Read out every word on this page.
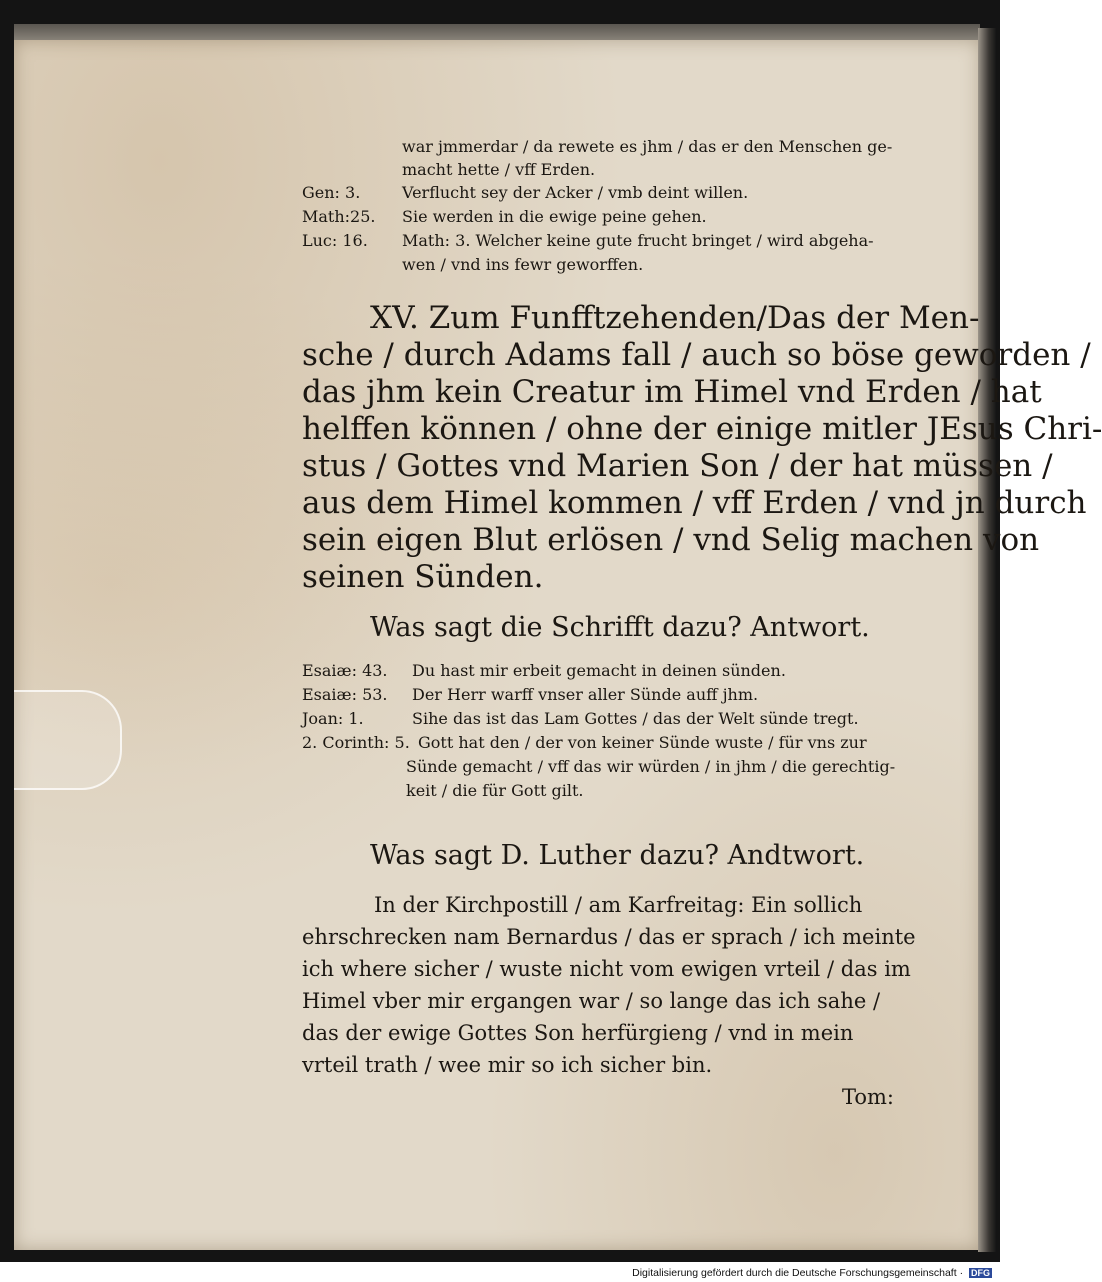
war jmmerdar / da rewete es jhm / das er den Menschen ge-
macht hette / vff Erden.
Gen: 3.	Verflucht sey der Acker / vmb deint willen.
Math:25. Sie werden in die ewige peine gehen.
Luc: 16. Math: 3. Welcher keine gute frucht bringet / wird abgeha-
wen / vnd ins fewr geworffen.
XV. Zum Funfftzehenden/Das der Men-
sche / durch Adams fall / auch so böse geworden /
das jhm kein Creatur im Himel vnd Erden / hat
helffen können / ohne der einige mitler JEsus Chri-
stus / Gottes vnd Marien Son / der hat müssen /
aus dem Himel kommen / vff Erden / vnd jn durch
sein eigen Blut erlösen / vnd Selig machen von
seinen Sünden.
Was sagt die Schrifft dazu? Antwort.
Esaiæ: 43. Du hast mir erbeit gemacht in deinen sünden.
Esaiæ: 53. Der Herr warff vnser aller Sünde auff jhm.
Joan: 1.	Sihe das ist das Lam Gottes / das der Welt sünde tregt.
2. Corinth: 5. Gott hat den / der von keiner Sünde wuste / für vns zur
Sünde gemacht / vff das wir würden / in jhm / die gerechtig-
keit / die für Gott gilt.
Was sagt D. Luther dazu? Andtwort.
In der Kirchpostill / am Karfreitag: Ein sollich
ehrschrecken nam Bernardus / das er sprach / ich meinte
ich where sicher / wuste nicht vom ewigen vrteil / das im
Himel vber mir ergangen war / so lange das ich sahe /
das der ewige Gottes Son herfürgieng / vnd in mein
vrteil trath / wee mir so ich sicher bin.
Tom:
Digitalisierung gefördert durch die Deutsche Forschungsgemeinschaft · DFG
